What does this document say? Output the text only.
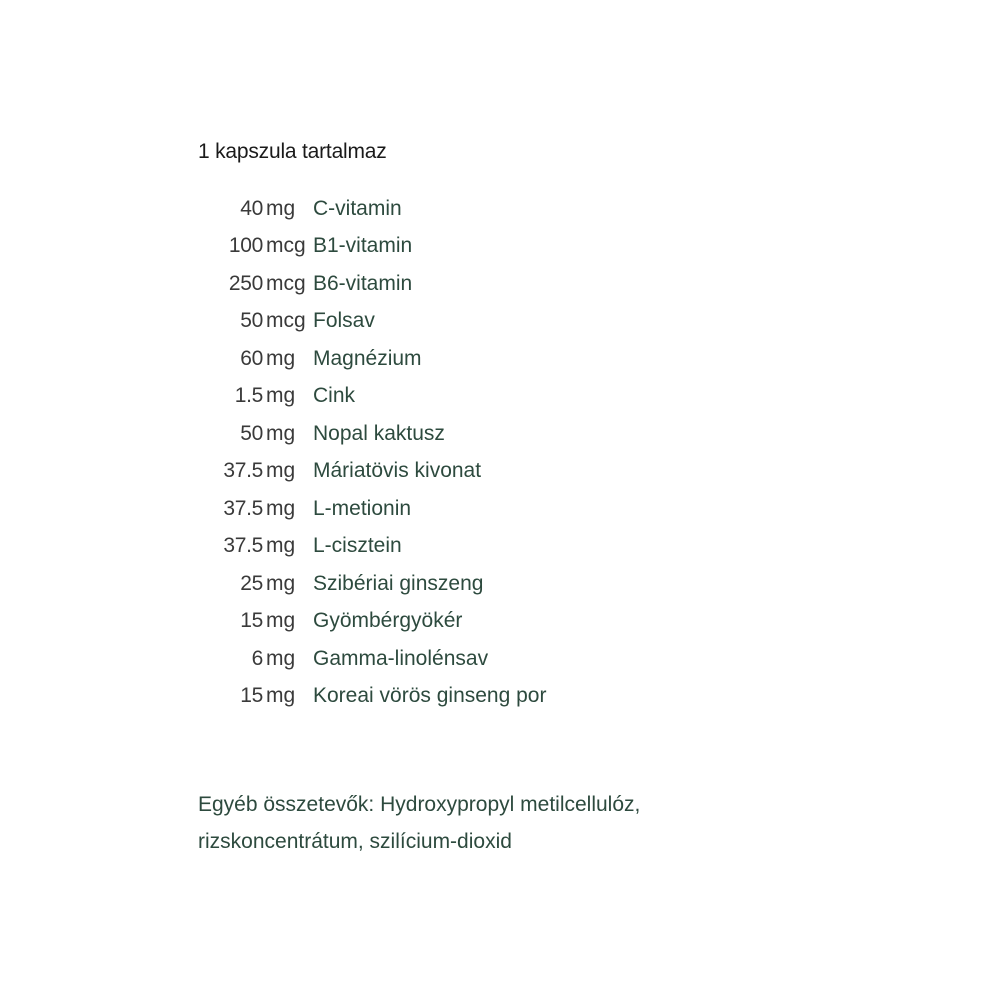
1 kapszula tartalmaz
40 mg C-vitamin
100 mcg B1-vitamin
250 mcg B6-vitamin
50 mcg Folsav
60 mg Magnézium
1.5 mg Cink
50 mg Nopal kaktusz
37.5 mg Máriatövis kivonat
37.5 mg L-metionin
37.5 mg L-cisztein
25 mg Szibériai ginszeng
15 mg Gyömbérgyökér
6 mg Gamma-linolénsav
15 mg Koreai vörös ginseng por
Egyéb összetevők: Hydroxypropyl metilcellulóz,
rizskoncentrátum, szilícium-dioxid
